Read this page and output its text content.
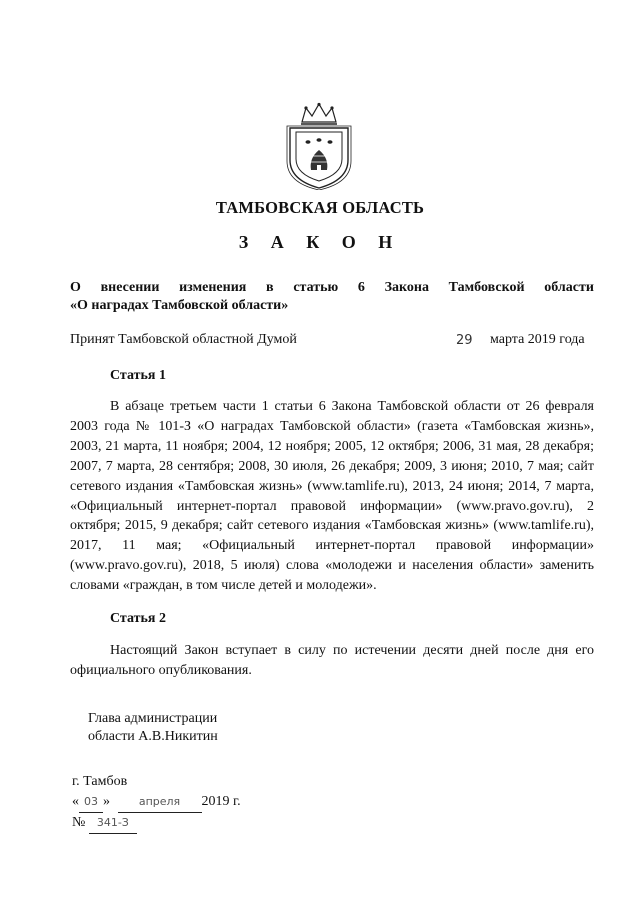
ТАМБОВСКАЯ ОБЛАСТЬ
З А К О Н
О внесении изменения в статью 6 Закона Тамбовской области
«О наградах Тамбовской области»
Принят Тамбовской областной Думой	29 марта 2019 года
Статья 1
В абзаце третьем части 1 статьи 6 Закона Тамбовской области от 26 февраля 2003 года № 101-З «О наградах Тамбовской области» (газета «Тамбовская жизнь», 2003, 21 марта, 11 ноября; 2004, 12 ноября; 2005, 12 октября; 2006, 31 мая, 28 декабря; 2007, 7 марта, 28 сентября; 2008, 30 июля, 26 декабря; 2009, 3 июня; 2010, 7 мая; сайт сетевого издания «Тамбовская жизнь» (www.tamlife.ru), 2013, 24 июня; 2014, 7 марта, «Официальный интернет-портал правовой информации» (www.pravo.gov.ru), 2 октября; 2015, 9 декабря; сайт сетевого издания «Тамбовская жизнь» (www.tamlife.ru), 2017, 11 мая; «Официальный интернет-портал правовой информации» (www.pravo.gov.ru), 2018, 5 июля) слова «молодежи и населения области» заменить словами «граждан, в том числе детей и молодежи».
Статья 2
Настоящий Закон вступает в силу по истечении десяти дней после дня его официального опубликования.
Глава администрации
области А.В.Никитин
г. Тамбов
« 03 »	апреля 2019 г.
№ 341-З
